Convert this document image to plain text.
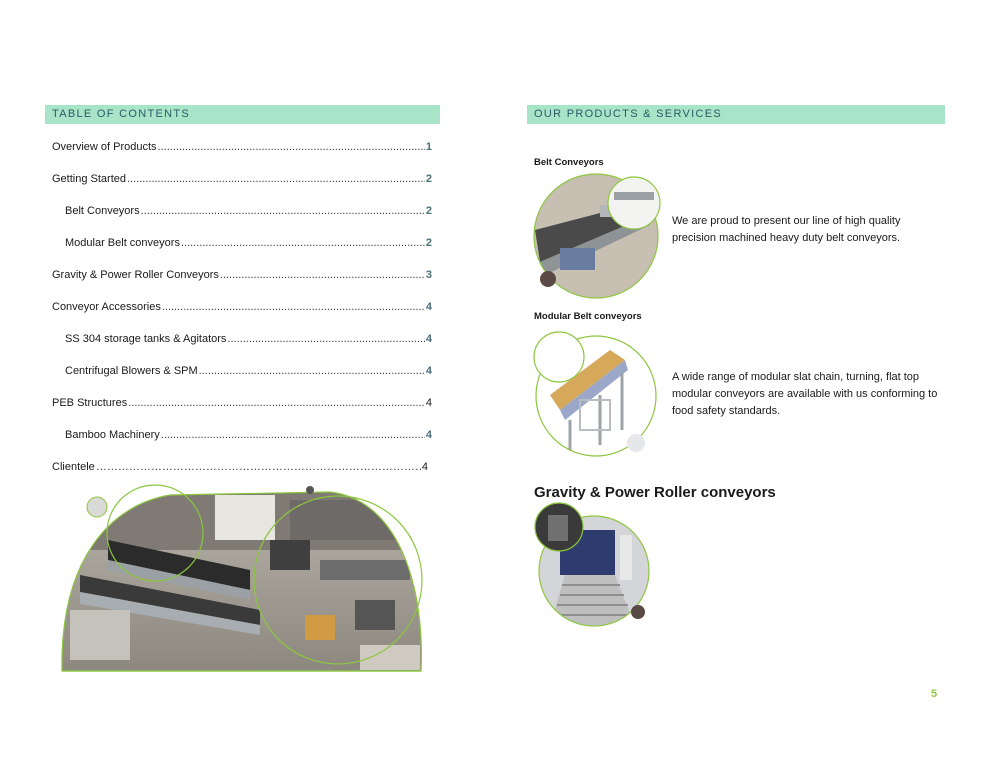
TABLE OF CONTENTS
Overview of Products .....	1
Getting Started .....	2
Belt Conveyors .....	2
Modular Belt conveyors .....	2
Gravity & Power Roller Conveyors .....	3
Conveyor Accessories .....	4
SS 304 storage tanks & Agitators .....	4
Centrifugal Blowers & SPM .....	4
PEB Structures .....	4
Bamboo Machinery .....	4
Clientele ……………………………………………………………………………………………………………………………………	4
OUR PRODUCTS & SERVICES
Belt Conveyors
We are proud to present our line of high quality precision machined heavy duty belt conveyors.
Modular Belt conveyors
A wide range of modular slat chain, turning, flat top modular conveyors are available with us conforming to food safety standards.
Gravity & Power Roller conveyors
5
